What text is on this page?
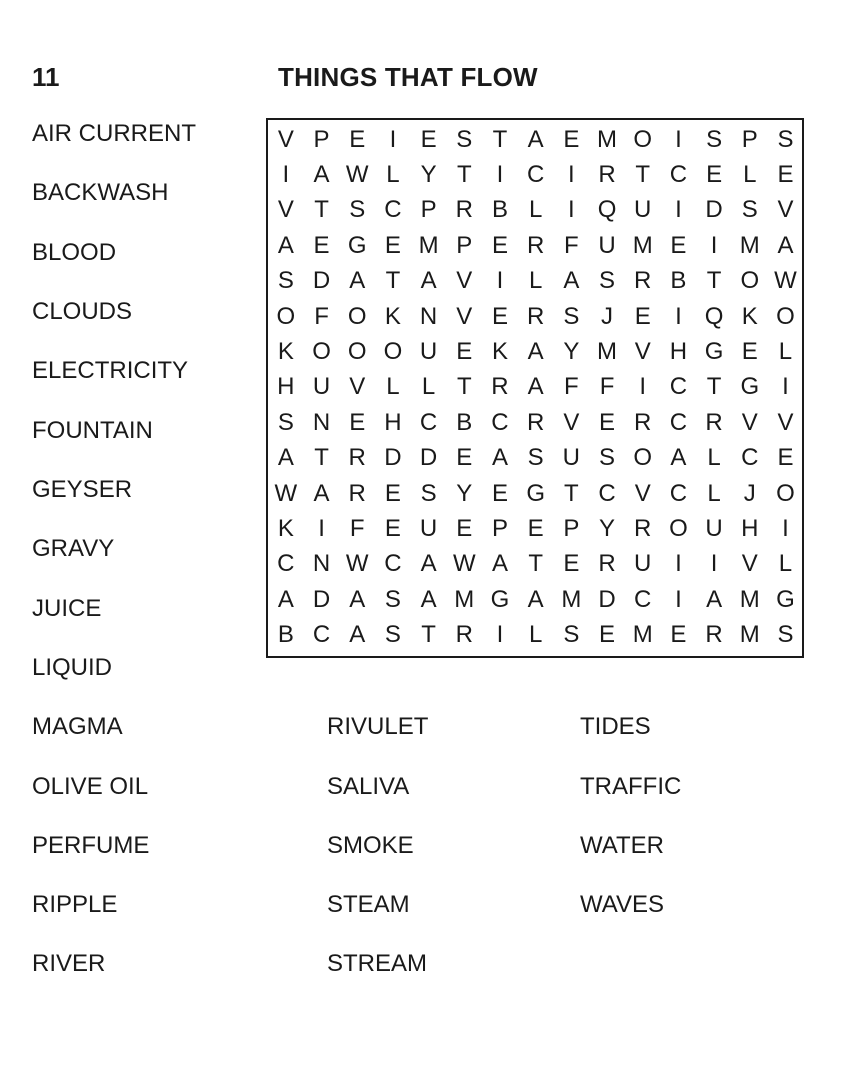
11	THINGS THAT FLOW
AIR CURRENT
BACKWASH
BLOOD
CLOUDS
ELECTRICITY
FOUNTAIN
GEYSER
GRAVY
JUICE
LIQUID
MAGMA
OLIVE OIL
PERFUME
RIPPLE
RIVER
RIVULET
SALIVA
SMOKE
STEAM
STREAM
TIDES
TRAFFIC
WATER
WAVES
V P E	I	E S T A E M O I	S P S
I	A W L Y T	I C I R T C E L E
V T S C P R B L	I Q U I D S V
A E G E M P E R F U M E	I M A
S D A T A V	I	L A S R B T O W
O F O K N V E R S J E	I Q K O
K O O O U E K A Y M V H G E L
H U V L L T R A F F	I C T G I
S N E H C B C R V E R C R V V
A T R D D E A S U S O A L C E
W A R E S Y E G T C V C L J O
K	I	F E U E P E P Y R O U H I
C N W C A W A T E R U I	I	V L
A D A S A M G A M D C I	A M G
B C A S T R I	L S E M E R M S
